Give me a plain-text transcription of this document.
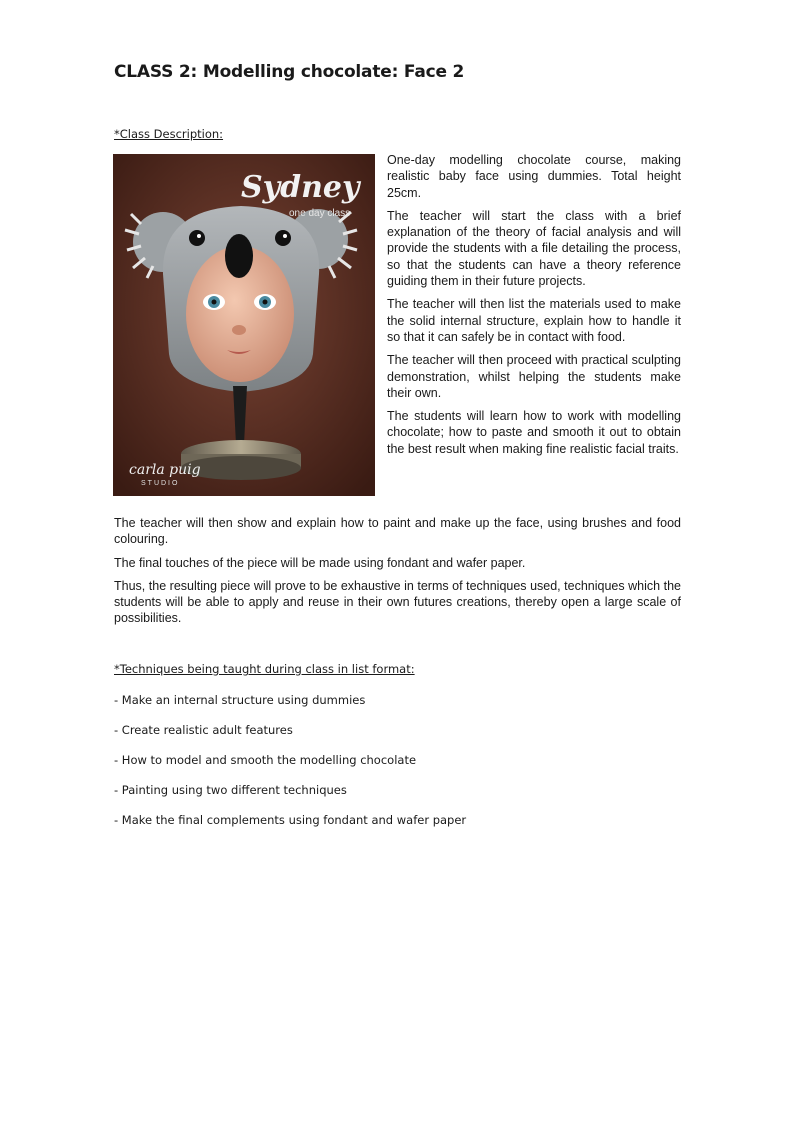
CLASS 2: Modelling chocolate: Face 2

*Class Description:

Sydney
one day class
carla puig
STUDIO

One-day modelling chocolate course, making realistic baby face using dummies. Total height 25cm.

The teacher will start the class with a brief explanation of the theory of facial analysis and will provide the students with a file detailing the process, so that the students can have a theory reference guiding them in their future projects.

The teacher will then list the materials used to make the solid internal structure, explain how to handle it so that it can safely be in contact with food.

The teacher will then proceed with practical sculpting demonstration, whilst helping the students make their own.

The students will learn how to work with modelling chocolate; how to paste and smooth it out to obtain the best result when making fine realistic facial traits.

The teacher will then show and explain how to paint and make up the face, using brushes and food colouring.

The final touches of the piece will be made using fondant and wafer paper.

Thus, the resulting piece will prove to be exhaustive in terms of techniques used, techniques which the students will be able to apply and reuse in their own futures creations, thereby open a large scale of possibilities.

*Techniques being taught during class in list format:

- Make an internal structure using dummies
- Create realistic adult features
- How to model and smooth the modelling chocolate
- Painting using two different techniques
- Make the final complements using fondant and wafer paper
